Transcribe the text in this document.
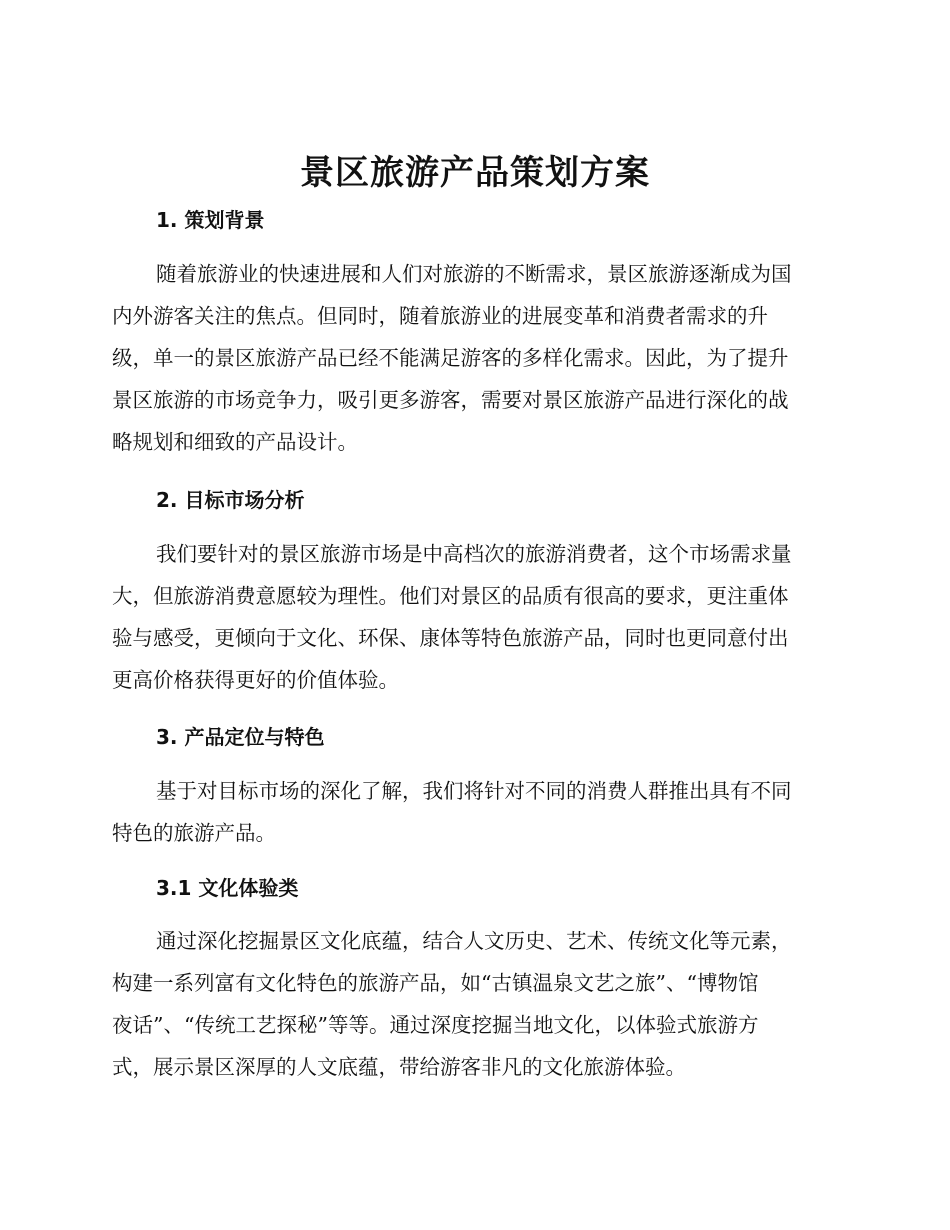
景区旅游产品策划方案
1. 策划背景

随着旅游业的快速进展和人们对旅游的不断需求，景区旅游逐渐成为国
内外游客关注的焦点。但同时，随着旅游业的进展变革和消费者需求的升
级，单一的景区旅游产品已经不能满足游客的多样化需求。因此，为了提升
景区旅游的市场竞争力，吸引更多游客，需要对景区旅游产品进行深化的战
略规划和细致的产品设计。

2. 目标市场分析

我们要针对的景区旅游市场是中高档次的旅游消费者，这个市场需求量
大，但旅游消费意愿较为理性。他们对景区的品质有很高的要求，更注重体
验与感受，更倾向于文化、环保、康体等特色旅游产品，同时也更同意付出
更高价格获得更好的价值体验。

3. 产品定位与特色

基于对目标市场的深化了解，我们将针对不同的消费人群推出具有不同
特色的旅游产品。

3.1 文化体验类

通过深化挖掘景区文化底蕴，结合人文历史、艺术、传统文化等元素，
构建一系列富有文化特色的旅游产品，如“古镇温泉文艺之旅”、“博物馆
夜话”、“传统工艺探秘”等等。通过深度挖掘当地文化，以体验式旅游方
式，展示景区深厚的人文底蕴，带给游客非凡的文化旅游体验。
